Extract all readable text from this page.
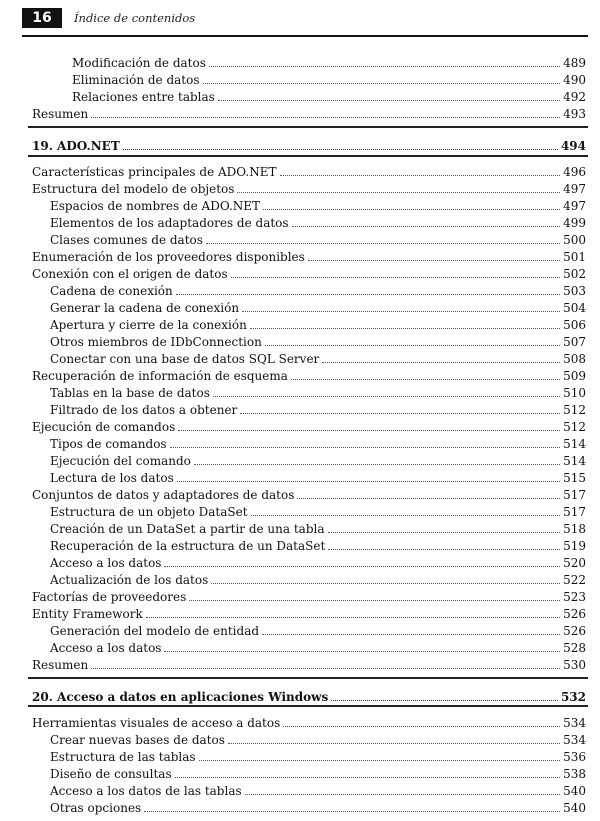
16	Índice de contenidos
Modificación de datos	489
Eliminación de datos	490
Relaciones entre tablas	492
Resumen	493
19. ADO.NET	494
Características principales de ADO.NET	496
Estructura del modelo de objetos	497
Espacios de nombres de ADO.NET	497
Elementos de los adaptadores de datos	499
Clases comunes de datos	500
Enumeración de los proveedores disponibles	501
Conexión con el origen de datos	502
Cadena de conexión	503
Generar la cadena de conexión	504
Apertura y cierre de la conexión	506
Otros miembros de IDbConnection	507
Conectar con una base de datos SQL Server	508
Recuperación de información de esquema	509
Tablas en la base de datos	510
Filtrado de los datos a obtener	512
Ejecución de comandos	512
Tipos de comandos	514
Ejecución del comando	514
Lectura de los datos	515
Conjuntos de datos y adaptadores de datos	517
Estructura de un objeto DataSet	517
Creación de un DataSet a partir de una tabla	518
Recuperación de la estructura de un DataSet	519
Acceso a los datos	520
Actualización de los datos	522
Factorías de proveedores	523
Entity Framework	526
Generación del modelo de entidad	526
Acceso a los datos	528
Resumen	530
20. Acceso a datos en aplicaciones Windows	532
Herramientas visuales de acceso a datos	534
Crear nuevas bases de datos	534
Estructura de las tablas	536
Diseño de consultas	538
Acceso a los datos de las tablas	540
Otras opciones	540
